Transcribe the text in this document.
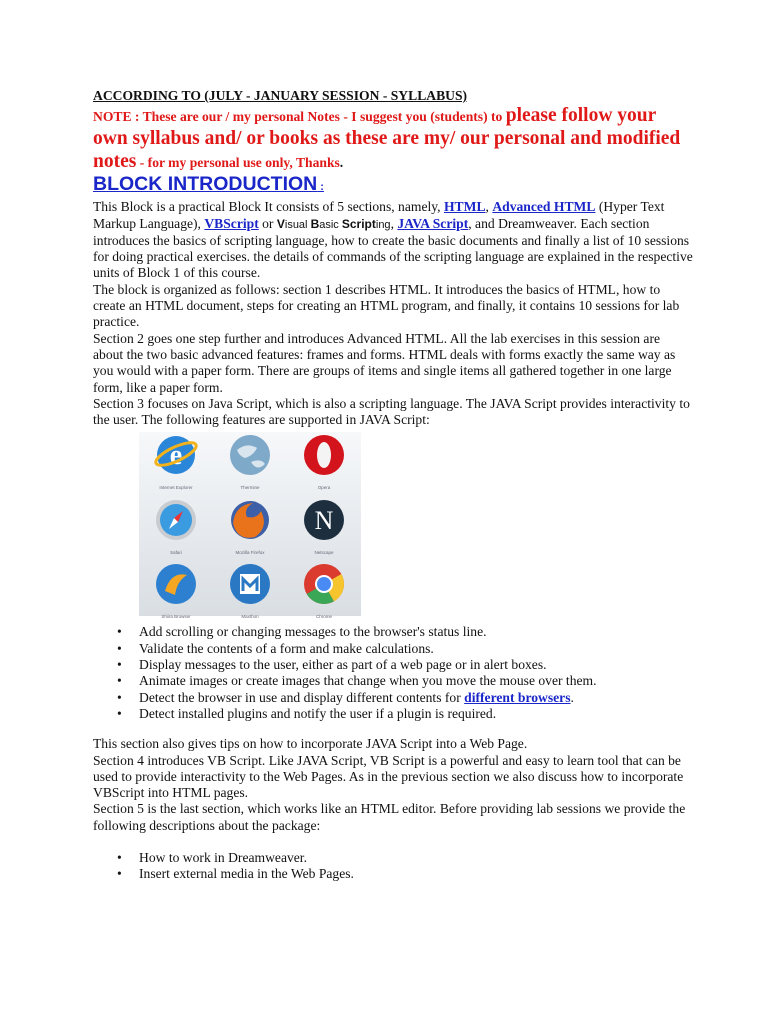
ACCORDING TO (JULY - JANUARY SESSION - SYLLABUS)

NOTE : These are our / my personal Notes - I suggest you (students) to please follow your own syllabus and/ or books as these are my/ our personal and modified notes - for my personal use only, Thanks.

BLOCK INTRODUCTION :

This Block is a practical Block It consists of 5 sections, namely, HTML, Advanced HTML (Hyper Text Markup Language), VBScript or Visual Basic Scripting, JAVA Script, and Dreamweaver. Each section introduces the basics of scripting language, how to create the basic documents and finally a list of 10 sessions for doing practical exercises. the details of commands of the scripting language are explained in the respective units of Block 1 of this course.

The block is organized as follows: section 1 describes HTML. It introduces the basics of HTML, how to create an HTML document, steps for creating an HTML program, and finally, it contains 10 sessions for lab practice.

Section 2 goes one step further and introduces Advanced HTML. All the lab exercises in this session are about the two basic advanced features: frames and forms. HTML deals with forms exactly the same way as you would with a paper form. There are groups of items and single items all gathered together in one large form, like a paper form.

Section 3 focuses on Java Script, which is also a scripting language. The JAVA Script provides interactivity to the user. The following features are supported in JAVA Script:

e
Internet Explorer	Thermine	Opera
Safari	Mozilla Firefox
N
Netscape
Shiira Browser	Maxthon	Chrome
• Add scrolling or changing messages to the browser's status line.
• Validate the contents of a form and make calculations.
• Display messages to the user, either as part of a web page or in alert boxes.
• Animate images or create images that change when you move the mouse over them.
• Detect the browser in use and display different contents for different browsers.
• Detect installed plugins and notify the user if a plugin is required.

This section also gives tips on how to incorporate JAVA Script into a Web Page.

Section 4 introduces VB Script. Like JAVA Script, VB Script is a powerful and easy to learn tool that can be used to provide interactivity to the Web Pages. As in the previous section we also discuss how to incorporate VBScript into HTML pages.

Section 5 is the last section, which works like an HTML editor. Before providing lab sessions we provide the following descriptions about the package:

• How to work in Dreamweaver.
• Insert external media in the Web Pages.
